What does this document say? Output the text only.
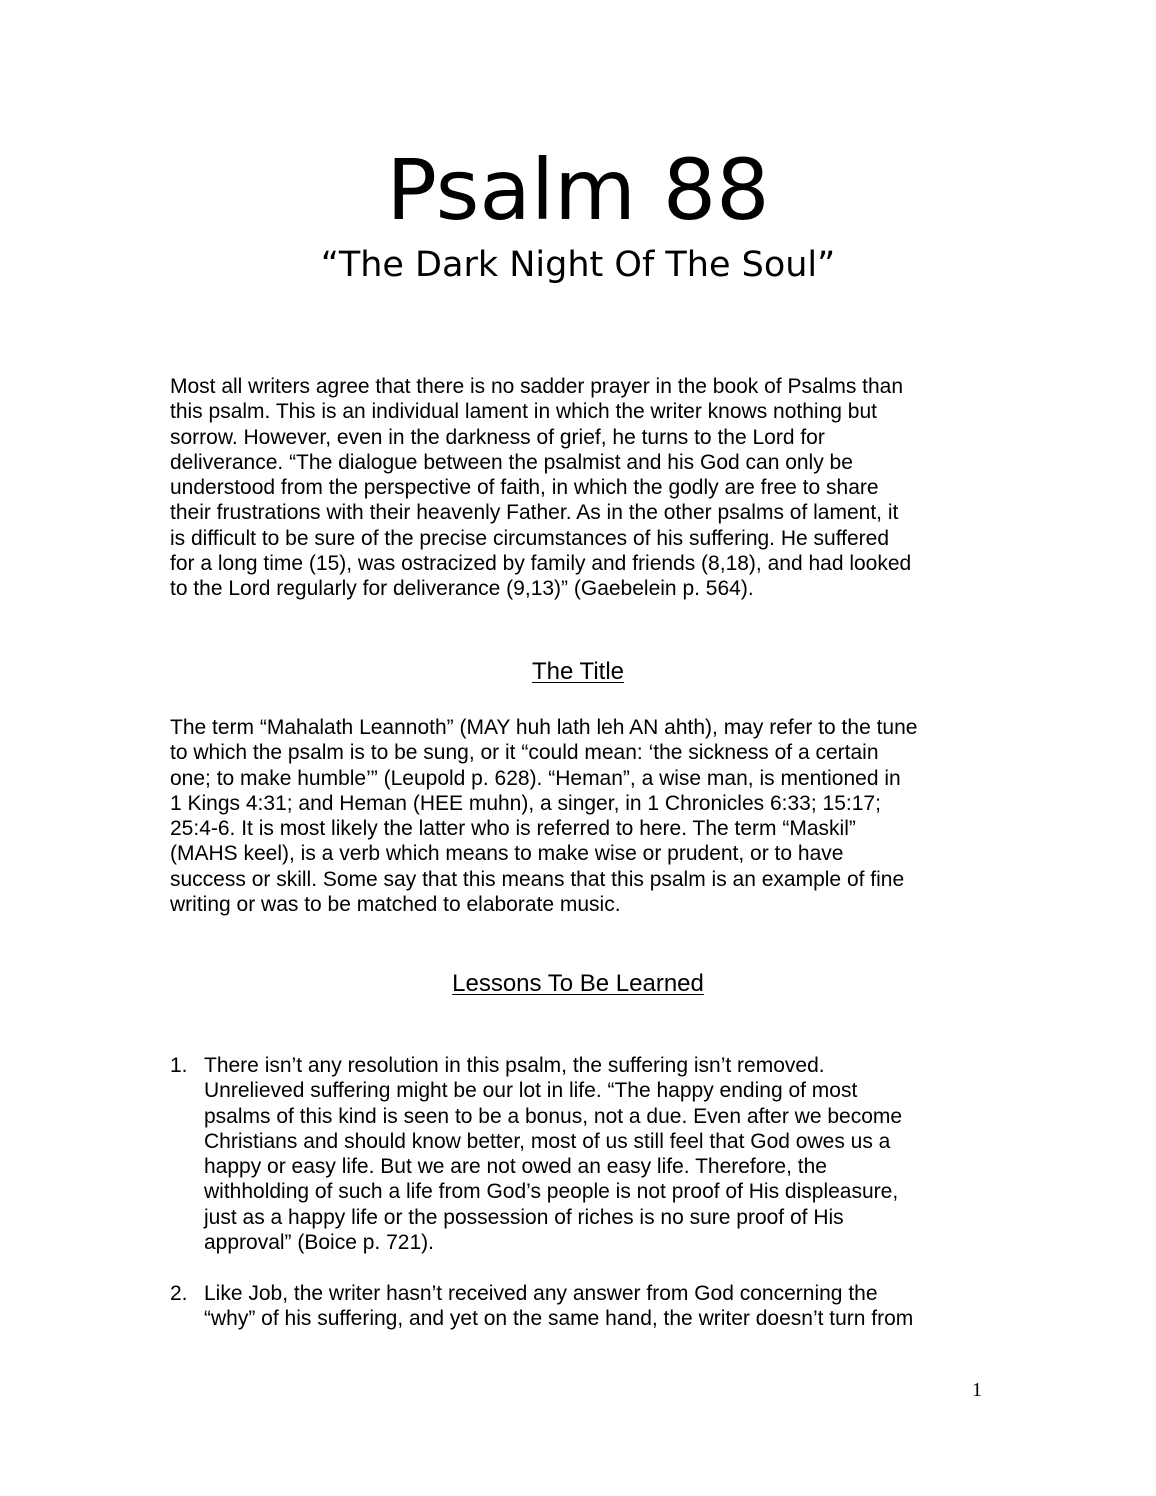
Psalm 88
“The Dark Night Of The Soul”
Most all writers agree that there is no sadder prayer in the book of Psalms than
this psalm. This is an individual lament in which the writer knows nothing but
sorrow. However, even in the darkness of grief, he turns to the Lord for
deliverance. “The dialogue between the psalmist and his God can only be
understood from the perspective of faith, in which the godly are free to share
their frustrations with their heavenly Father. As in the other psalms of lament, it
is difficult to be sure of the precise circumstances of his suffering. He suffered
for a long time (15), was ostracized by family and friends (8,18), and had looked
to the Lord regularly for deliverance (9,13)” (Gaebelein p. 564).
The Title
The term “Mahalath Leannoth” (MAY huh lath leh AN ahth), may refer to the tune
to which the psalm is to be sung, or it “could mean: ‘the sickness of a certain
one; to make humble’” (Leupold p. 628). “Heman”, a wise man, is mentioned in
1 Kings 4:31; and Heman (HEE muhn), a singer, in 1 Chronicles 6:33; 15:17;
25:4-6. It is most likely the latter who is referred to here. The term “Maskil”
(MAHS keel), is a verb which means to make wise or prudent, or to have
success or skill. Some say that this means that this psalm is an example of fine
writing or was to be matched to elaborate music.
Lessons To Be Learned
1. There isn’t any resolution in this psalm, the suffering isn’t removed.
Unrelieved suffering might be our lot in life. “The happy ending of most
psalms of this kind is seen to be a bonus, not a due. Even after we become
Christians and should know better, most of us still feel that God owes us a
happy or easy life. But we are not owed an easy life. Therefore, the
withholding of such a life from God’s people is not proof of His displeasure,
just as a happy life or the possession of riches is no sure proof of His
approval” (Boice p. 721).
2. Like Job, the writer hasn’t received any answer from God concerning the
“why” of his suffering, and yet on the same hand, the writer doesn’t turn from
1
